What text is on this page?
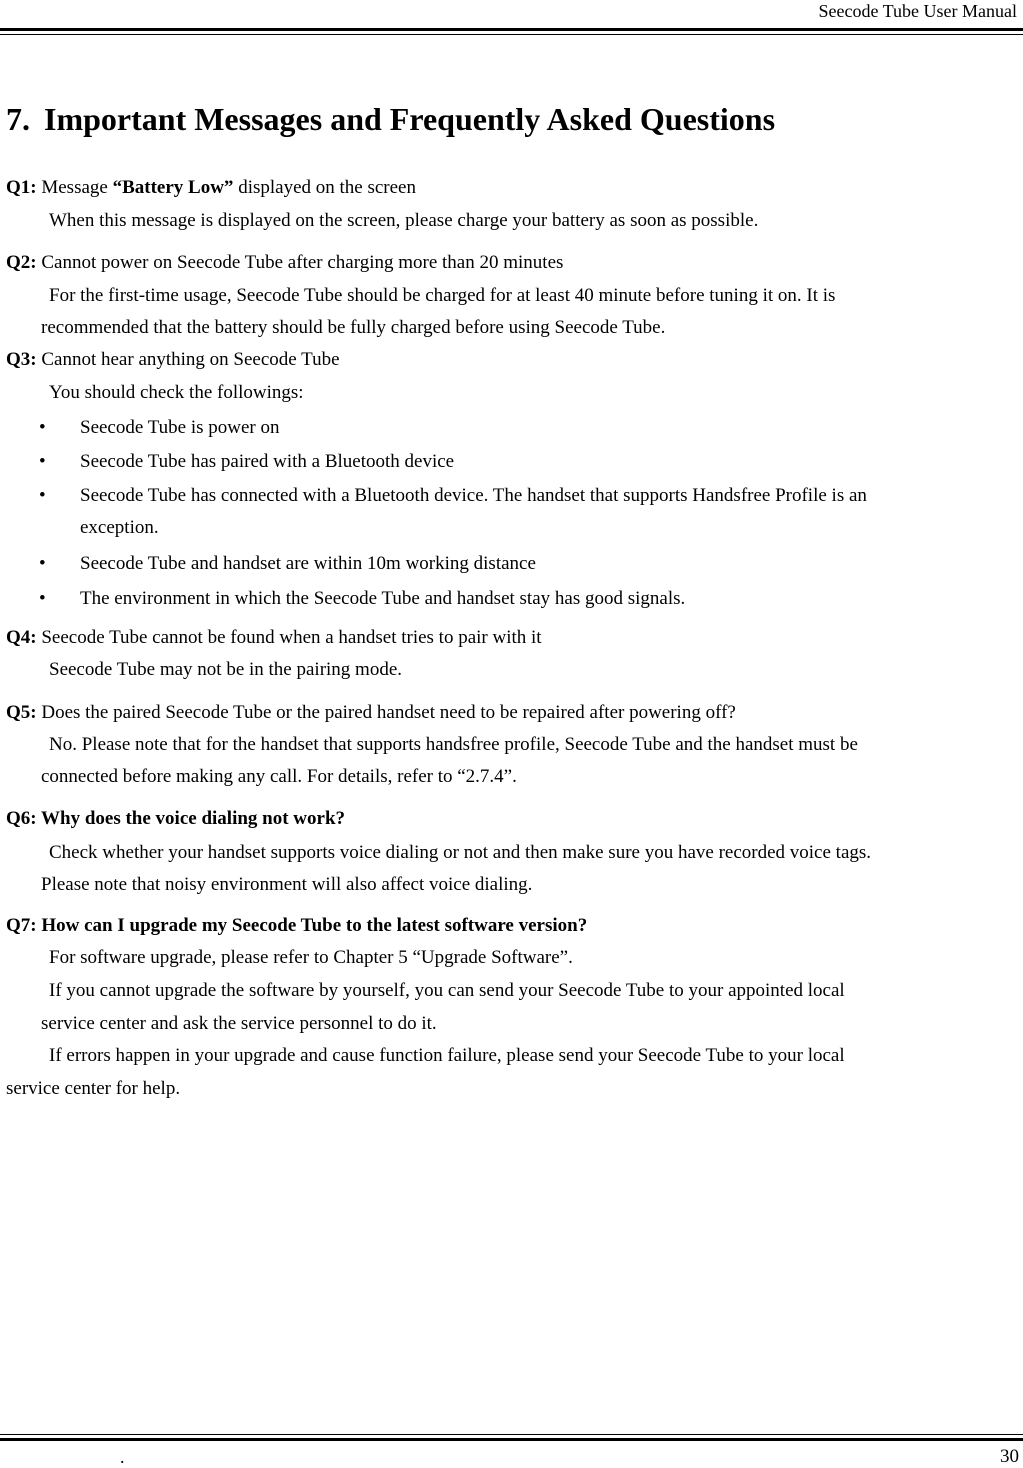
Seecode Tube User Manual
7. Important Messages and Frequently Asked Questions
Q1: Message “Battery Low” displayed on the screen
When this message is displayed on the screen, please charge your battery as soon as possible.
Q2: Cannot power on Seecode Tube after charging more than 20 minutes
For the first-time usage, Seecode Tube should be charged for at least 40 minute before tuning it on. It is
recommended that the battery should be fully charged before using Seecode Tube.
Q3: Cannot hear anything on Seecode Tube
You should check the followings:
• Seecode Tube is power on
• Seecode Tube has paired with a Bluetooth device
• Seecode Tube has connected with a Bluetooth device. The handset that supports Handsfree Profile is an
exception.
• Seecode Tube and handset are within 10m working distance
• The environment in which the Seecode Tube and handset stay has good signals.
Q4: Seecode Tube cannot be found when a handset tries to pair with it
Seecode Tube may not be in the pairing mode.
Q5: Does the paired Seecode Tube or the paired handset need to be repaired after powering off?
No. Please note that for the handset that supports handsfree profile, Seecode Tube and the handset must be
connected before making any call. For details, refer to “2.7.4”.
Q6: Why does the voice dialing not work?
Check whether your handset supports voice dialing or not and then make sure you have recorded voice tags.
Please note that noisy environment will also affect voice dialing.
Q7: How can I upgrade my Seecode Tube to the latest software version?
For software upgrade, please refer to Chapter 5 “Upgrade Software”.
If you cannot upgrade the software by yourself, you can send your Seecode Tube to your appointed local
service center and ask the service personnel to do it.
If errors happen in your upgrade and cause function failure, please send your Seecode Tube to your local
service center for help.
.	30
